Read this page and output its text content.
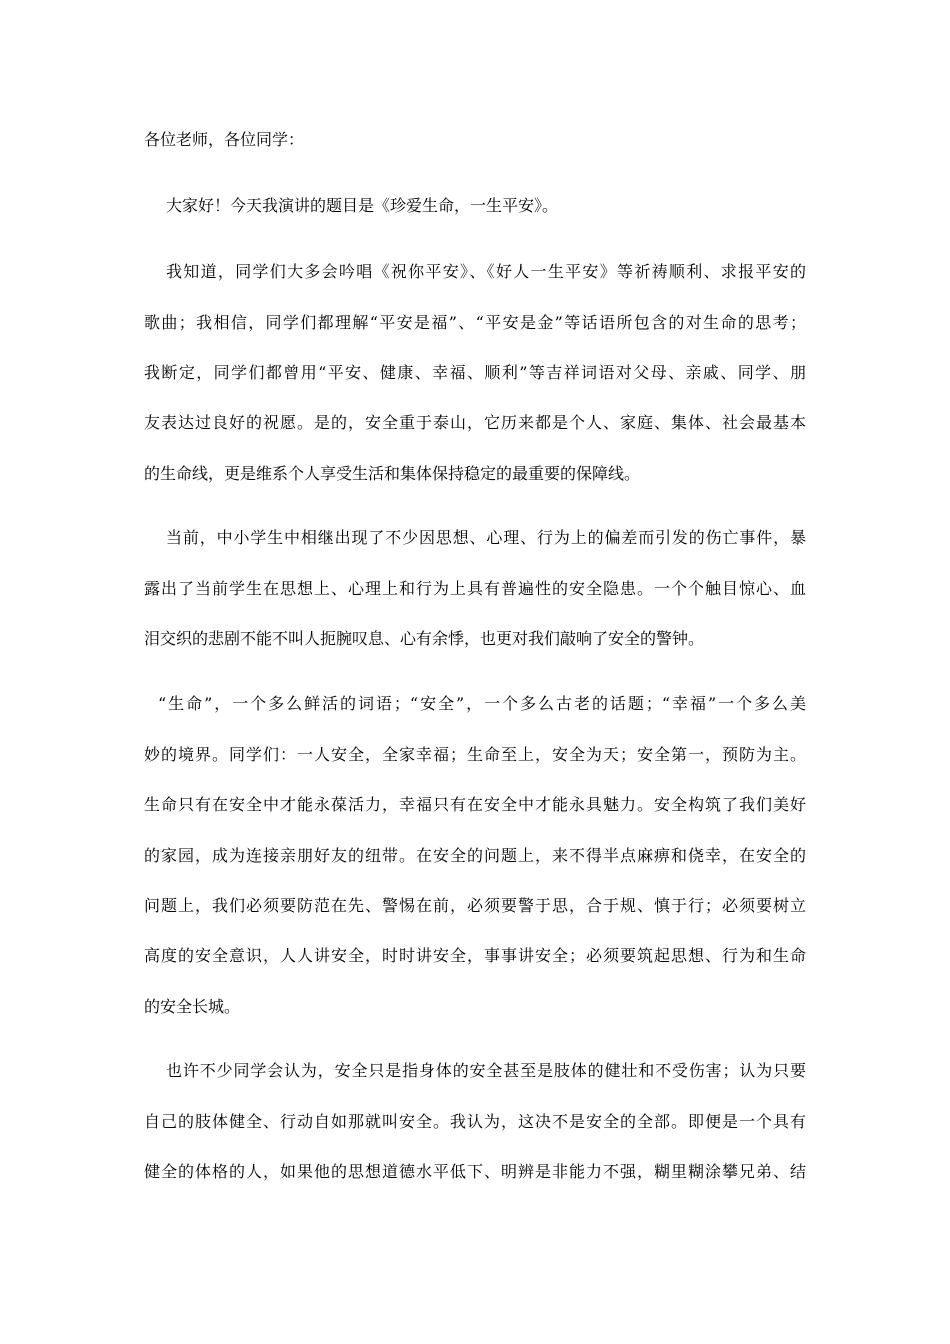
各位老师，各位同学：

大家好！今天我演讲的题目是《珍爱生命，一生平安》。

我知道，同学们大多会吟唱《祝你平安》、《好人一生平安》等祈祷顺利、求报平安的

歌曲；我相信，同学们都理解“平安是福”、“平安是金”等话语所包含的对生命的思考；

我断定，同学们都曾用“平安、健康、幸福、顺利”等吉祥词语对父母、亲戚、同学、朋

友表达过良好的祝愿。是的，安全重于泰山，它历来都是个人、家庭、集体、社会最基本

的生命线，更是维系个人享受生活和集体保持稳定的最重要的保障线。

当前，中小学生中相继出现了不少因思想、心理、行为上的偏差而引发的伤亡事件，暴

露出了当前学生在思想上、心理上和行为上具有普遍性的安全隐患。一个个触目惊心、血

泪交织的悲剧不能不叫人扼腕叹息、心有余悸，也更对我们敲响了安全的警钟。

“生命”，一个多么鲜活的词语；“安全”，一个多么古老的话题；“幸福”一个多么美

妙的境界。同学们：一人安全，全家幸福；生命至上，安全为天；安全第一，预防为主。

生命只有在安全中才能永葆活力，幸福只有在安全中才能永具魅力。安全构筑了我们美好

的家园，成为连接亲朋好友的纽带。在安全的问题上，来不得半点麻痹和侥幸，在安全的

问题上，我们必须要防范在先、警惕在前，必须要警于思，合于规、慎于行；必须要树立

高度的安全意识，人人讲安全，时时讲安全，事事讲安全；必须要筑起思想、行为和生命

的安全长城。

也许不少同学会认为，安全只是指身体的安全甚至是肢体的健壮和不受伤害；认为只要

自己的肢体健全、行动自如那就叫安全。我认为，这决不是安全的全部。即便是一个具有

健全的体格的人，如果他的思想道德水平低下、明辨是非能力不强，糊里糊涂攀兄弟、结
